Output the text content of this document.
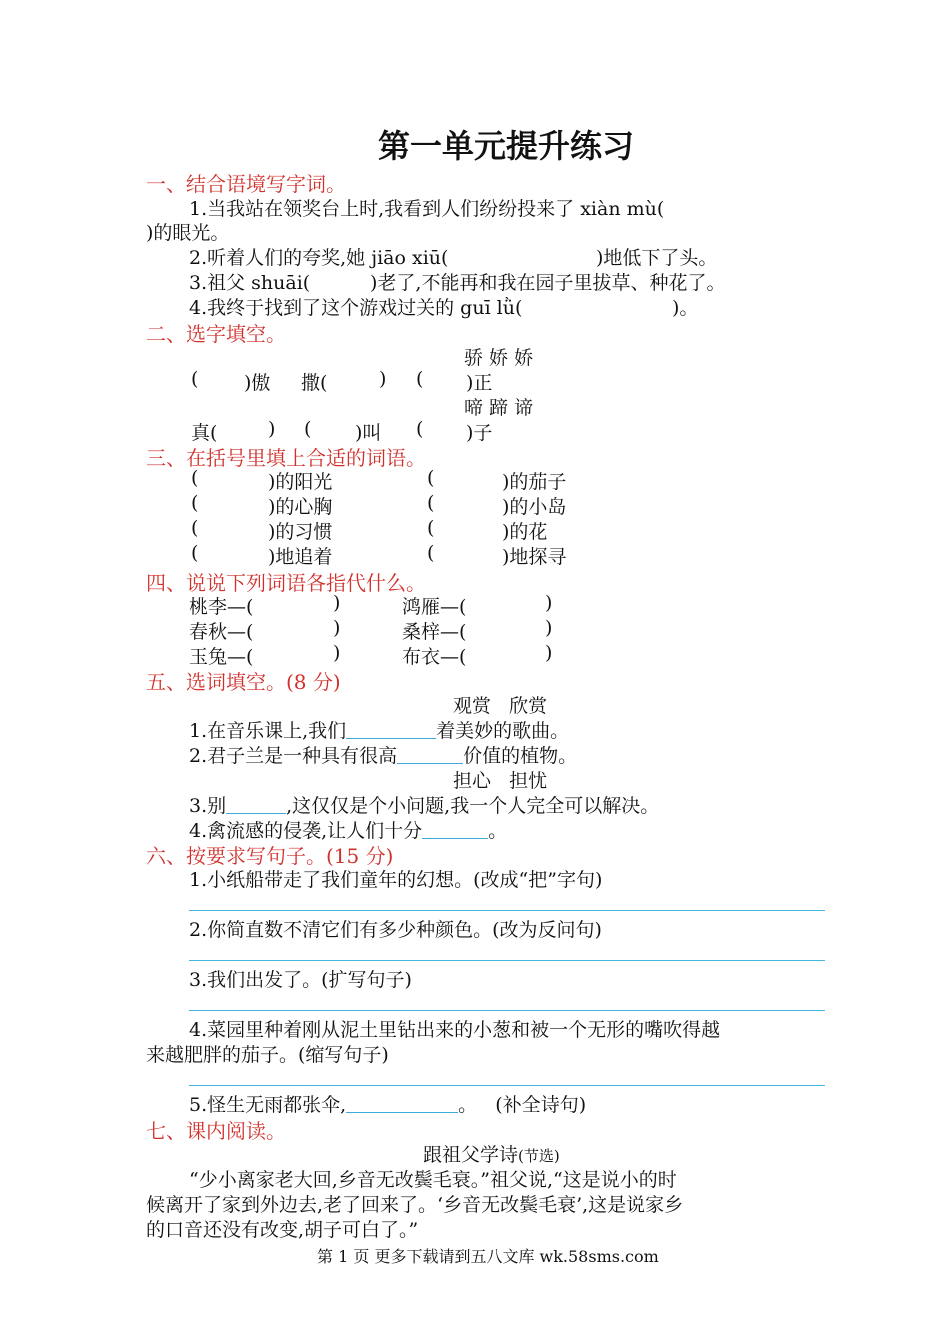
第一单元提升练习
一、结合语境写字词。
1.当我站在领奖台上时,我看到人们纷纷投来了 xiàn mù(
)的眼光。
2.听着人们的夸奖,她 jiāo xiū(	)地低下了头。
3.祖父 shuāi(	)老了,不能再和我在园子里拔草、种花了。
4.我终于找到了这个游戏过关的 guī lǜ(	)。
二、选字填空。
骄 娇 娇
( )傲 撒(	) ( )正
啼 蹄 谛
真(	) ( )叫 ( )子
三、在括号里填上合适的词语。
(	)的阳光	(	)的茄子
(	)的心胸	(	)的小岛
(	)的习惯	(	)的花
(	)地追着	(	)地探寻
四、说说下列词语各指代什么。
桃李—(	)	鸿雁—(	)
春秋—(	)	桑梓—(	)
玉兔—(	)	布衣—(	)
五、选词填空。(8 分)
观赏   欣赏
1.在音乐课上,我们	着美妙的歌曲。
2.君子兰是一种具有很高	价值的植物。
担心   担忧
3.别	,这仅仅是个小问题,我一个人完全可以解决。
4.禽流感的侵袭,让人们十分	。
六、按要求写句子。(15 分)
1.小纸船带走了我们童年的幻想。(改成“把”字句)
2.你简直数不清它们有多少种颜色。(改为反问句)
3.我们出发了。(扩写句子)
4.菜园里种着刚从泥土里钻出来的小葱和被一个无形的嘴吹得越
来越肥胖的茄子。(缩写句子)
5.怪生无雨都张伞,	。   (补全诗句)
七、课内阅读。
跟祖父学诗(节选)
“少小离家老大回,乡音无改鬓毛衰。”祖父说,“这是说小的时
候离开了家到外边去,老了回来了。‘乡音无改鬓毛衰’,这是说家乡
的口音还没有改变,胡子可白了。”
第 1 页 更多下载请到五八文库 wk.58sms.com
